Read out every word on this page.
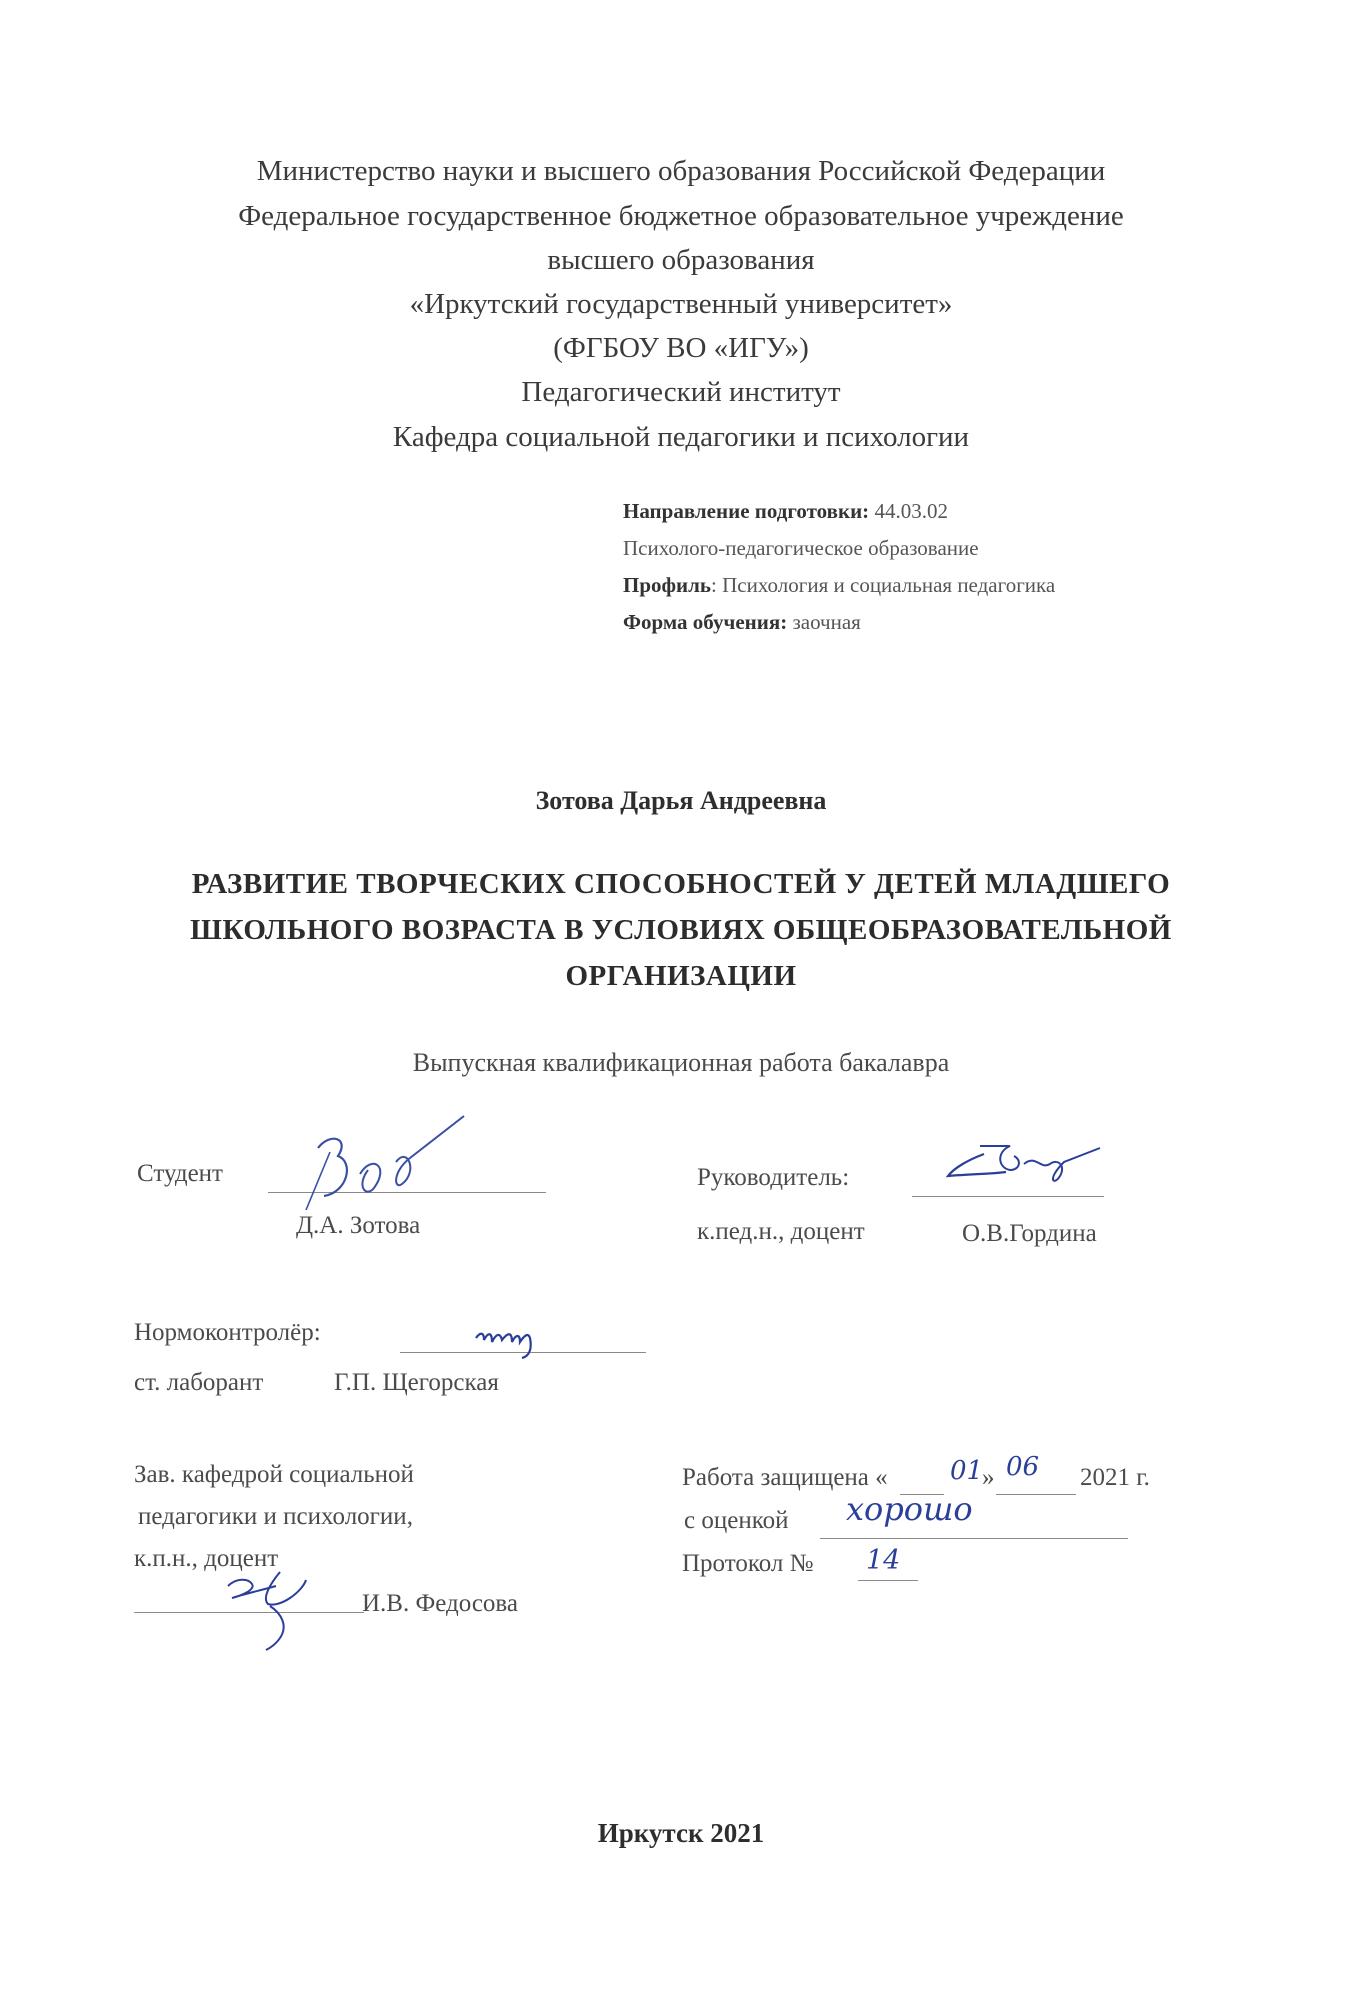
Министерство науки и высшего образования Российской Федерации
Федеральное государственное бюджетное образовательное учреждение
высшего образования
«Иркутский государственный университет»
(ФГБОУ ВО «ИГУ»)
Педагогический институт
Кафедра социальной педагогики и психологии
Направление подготовки: 44.03.02
Психолого-педагогическое образование
Профиль: Психология и социальная педагогика
Форма обучения: заочная
Зотова Дарья Андреевна
РАЗВИТИЕ ТВОРЧЕСКИХ СПОСОБНОСТЕЙ У ДЕТЕЙ МЛАДШЕГО
ШКОЛЬНОГО ВОЗРАСТА В УСЛОВИЯХ ОБЩЕОБРАЗОВАТЕЛЬНОЙ
ОРГАНИЗАЦИИ
Выпускная квалификационная работа бакалавра
Студент
Д.А. Зотова
Руководитель:
к.пед.н., доцент	О.В.Гордина
Нормоконтролёр:
ст. лаборант	Г.П. Щегорская
Зав. кафедрой социальной
педагогики и психологии,
к.п.н., доцент
И.В. Федосова
Работа защищена « 01
» 06 2021 г.
с оценкой хорошо
Протокол № 14
Иркутск 2021
